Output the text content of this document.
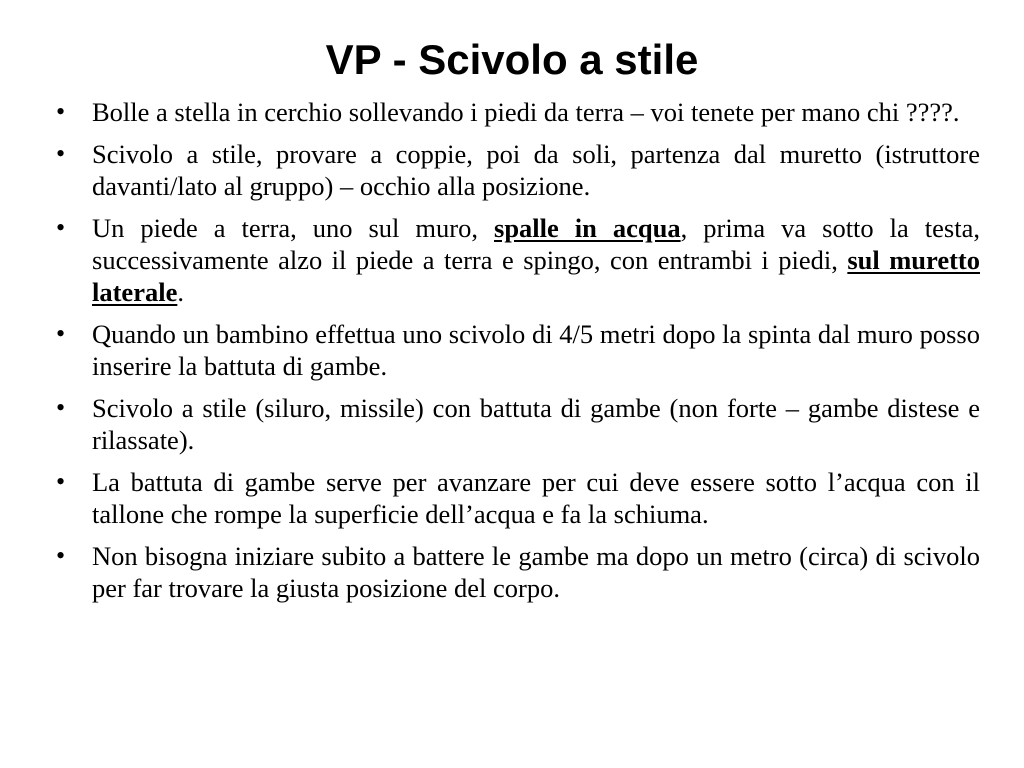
VP - Scivolo a stile
• Bolle a stella in cerchio sollevando i piedi da terra – voi tenete per mano chi ????.
• Scivolo a stile, provare a coppie, poi da soli, partenza dal muretto (istruttore davanti/lato al gruppo) – occhio alla posizione.
• Un piede a terra, uno sul muro, spalle in acqua, prima va sotto la testa, successivamente alzo il piede a terra e spingo, con entrambi i piedi, sul muretto laterale.
• Quando un bambino effettua uno scivolo di 4/5 metri dopo la spinta dal muro posso inserire la battuta di gambe.
• Scivolo a stile (siluro, missile) con battuta di gambe (non forte – gambe distese e rilassate).
• La battuta di gambe serve per avanzare per cui deve essere sotto l’acqua con il tallone che rompe la superficie dell’acqua e fa la schiuma.
• Non bisogna iniziare subito a battere le gambe ma dopo un metro (circa) di scivolo per far trovare la giusta posizione del corpo.
